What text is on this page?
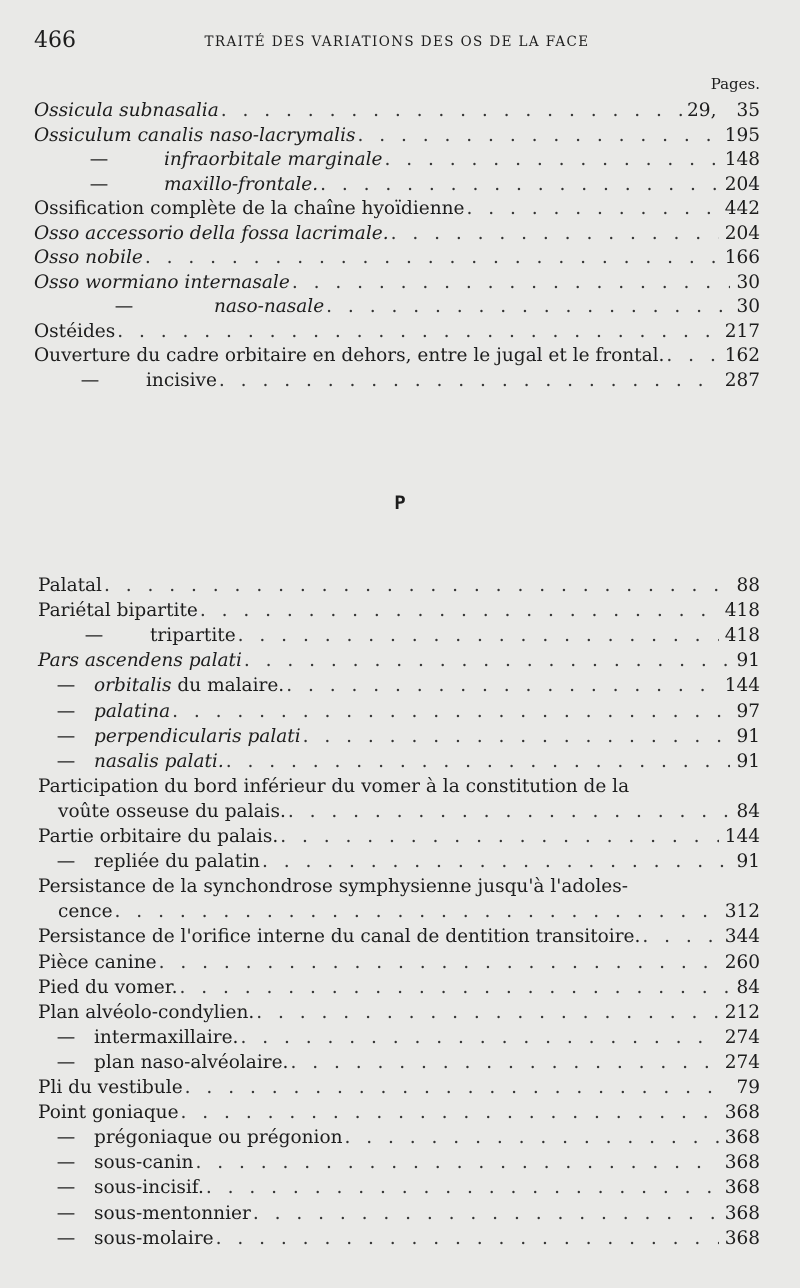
466	TRAITÉ DES VARIATIONS DES OS DE LA FACE
Pages.
P
Ossicula subnasalia . . .	29,	35
Ossiculum canalis naso-lacrymalis . . .	195
—	infraorbitale marginale . . .	148
—	maxillo-frontale. . . .	204
Ossification complète de la chaîne hyoïdienne . . .	442
Osso accessorio della fossa lacrimale. . . .	204
Osso nobile . . .	166
Osso wormiano internasale . . .	30
—	naso-nasale . . .	30
Ostéides . . .	217
Ouverture du cadre orbitaire en dehors, entre le jugal et le frontal. . . .	162
—	incisive . . .	287
Palatal . . .	88
Pariétal bipartite . . .	418
—	tripartite . . .	418
Pars ascendens palati . . .	91
— orbitalis du malaire. . . .	144
— palatina . . .	97
— perpendicularis palati . . .	91
— nasalis palati. . . .	91
Participation du bord inférieur du vomer à la constitution de la
voûte osseuse du palais. . . .	84
Partie orbitaire du palais. . . .	144
— repliée du palatin . . .	91
Persistance de la synchondrose symphysienne jusqu'à l'adoles-
cence . . .	312
Persistance de l'orifice interne du canal de dentition transitoire. . . .	344
Pièce canine . . .	260
Pied du vomer. . . .	84
Plan alvéolo-condylien. . . .	212
— intermaxillaire. . . .	274
— plan naso-alvéolaire. . . .	274
Pli du vestibule . . .	79
Point goniaque . . .	368
— prégoniaque ou prégonion . . .	368
— sous-canin . . .	368
— sous-incisif. . . .	368
— sous-mentonnier . . .	368
— sous-molaire . . .	368
